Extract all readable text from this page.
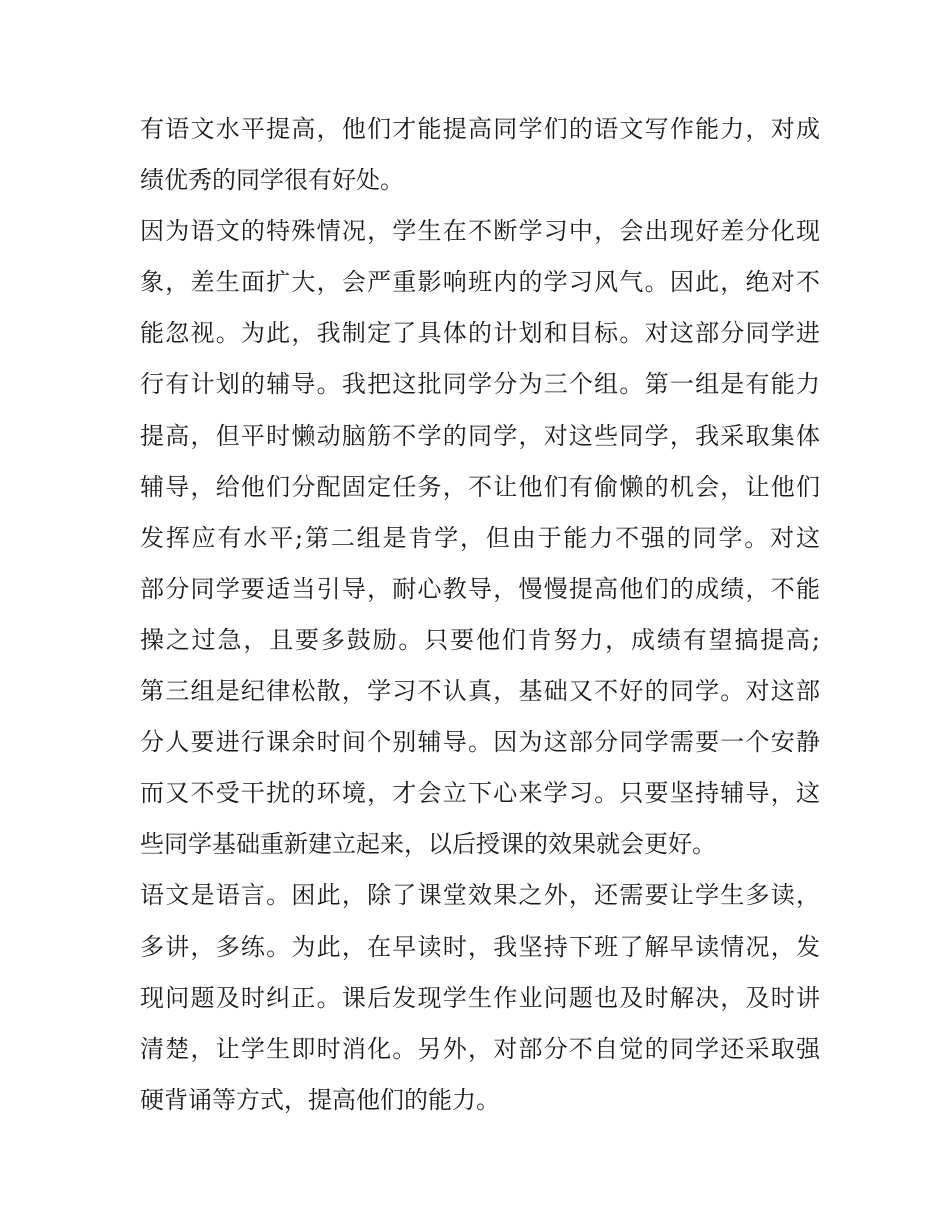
有语文水平提高，他们才能提高同学们的语文写作能力，对成

绩优秀的同学很有好处。

因为语文的特殊情况，学生在不断学习中，会出现好差分化现

象，差生面扩大，会严重影响班内的学习风气。因此，绝对不

能忽视。为此，我制定了具体的计划和目标。对这部分同学进

行有计划的辅导。我把这批同学分为三个组。第一组是有能力

提高，但平时懒动脑筋不学的同学，对这些同学，我采取集体

辅导，给他们分配固定任务，不让他们有偷懒的机会，让他们

发挥应有水平;第二组是肯学，但由于能力不强的同学。对这

部分同学要适当引导，耐心教导，慢慢提高他们的成绩，不能

操之过急，且要多鼓励。只要他们肯努力，成绩有望搞提高;

第三组是纪律松散，学习不认真，基础又不好的同学。对这部

分人要进行课余时间个别辅导。因为这部分同学需要一个安静

而又不受干扰的环境，才会立下心来学习。只要坚持辅导，这

些同学基础重新建立起来，以后授课的效果就会更好。

语文是语言。困此，除了课堂效果之外，还需要让学生多读，

多讲，多练。为此，在早读时，我坚持下班了解早读情况，发

现问题及时纠正。课后发现学生作业问题也及时解决，及时讲

清楚，让学生即时消化。另外，对部分不自觉的同学还采取强

硬背诵等方式，提高他们的能力。
